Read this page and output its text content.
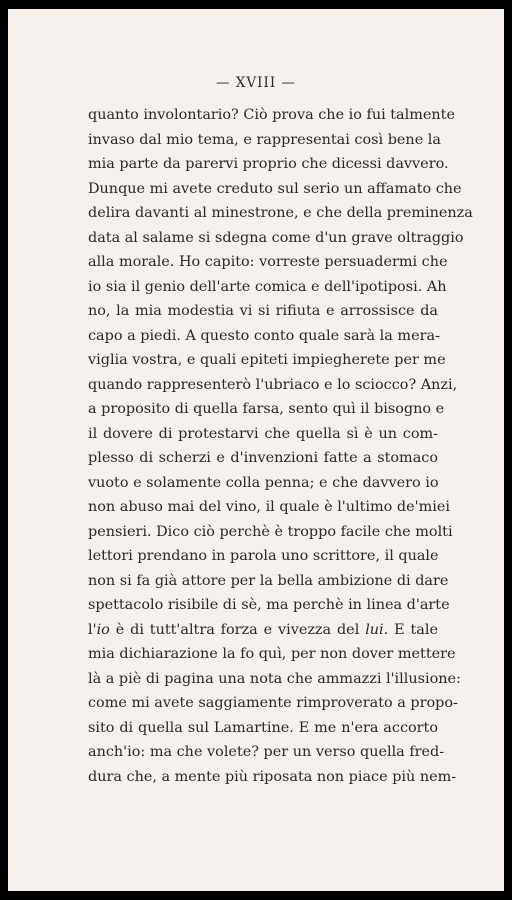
— XVIII —
quanto involontario? Ciò prova che io fui talmente
invaso dal mio tema, e rappresentai così bene la
mia parte da parervi proprio che dicessi davvero.
Dunque mi avete creduto sul serio un affamato che
delira davanti al minestrone, e che della preminenza
data al salame si sdegna come d'un grave oltraggio
alla morale. Ho capito: vorreste persuadermi che
io sia il genio dell'arte comica e dell'ipotiposi. Ah
no, la mia modestia vi si rifiuta e arrossisce da
capo a piedi. A questo conto quale sarà la mera-
viglia vostra, e quali epiteti impiegherete per me
quando rappresenterò l'ubriaco e lo sciocco? Anzi,
a proposito di quella farsa, sento quì il bisogno e
il dovere di protestarvi che quella sì è un com-
plesso di scherzi e d'invenzioni fatte a stomaco
vuoto e solamente colla penna; e che davvero io
non abuso mai del vino, il quale è l'ultimo de'miei
pensieri. Dico ciò perchè è troppo facile che molti
lettori prendano in parola uno scrittore, il quale
non si fa già attore per la bella ambizione di dare
spettacolo risibile di sè, ma perchè in linea d'arte
l'io è di tutt'altra forza e vivezza del lui. E tale
mia dichiarazione la fo quì, per non dover mettere
là a piè di pagina una nota che ammazzi l'illusione:
come mi avete saggiamente rimproverato a propo-
sito di quella sul Lamartine. E me n'era accorto
anch'io: ma che volete? per un verso quella fred-
dura che, a mente più riposata non piace più nem-
